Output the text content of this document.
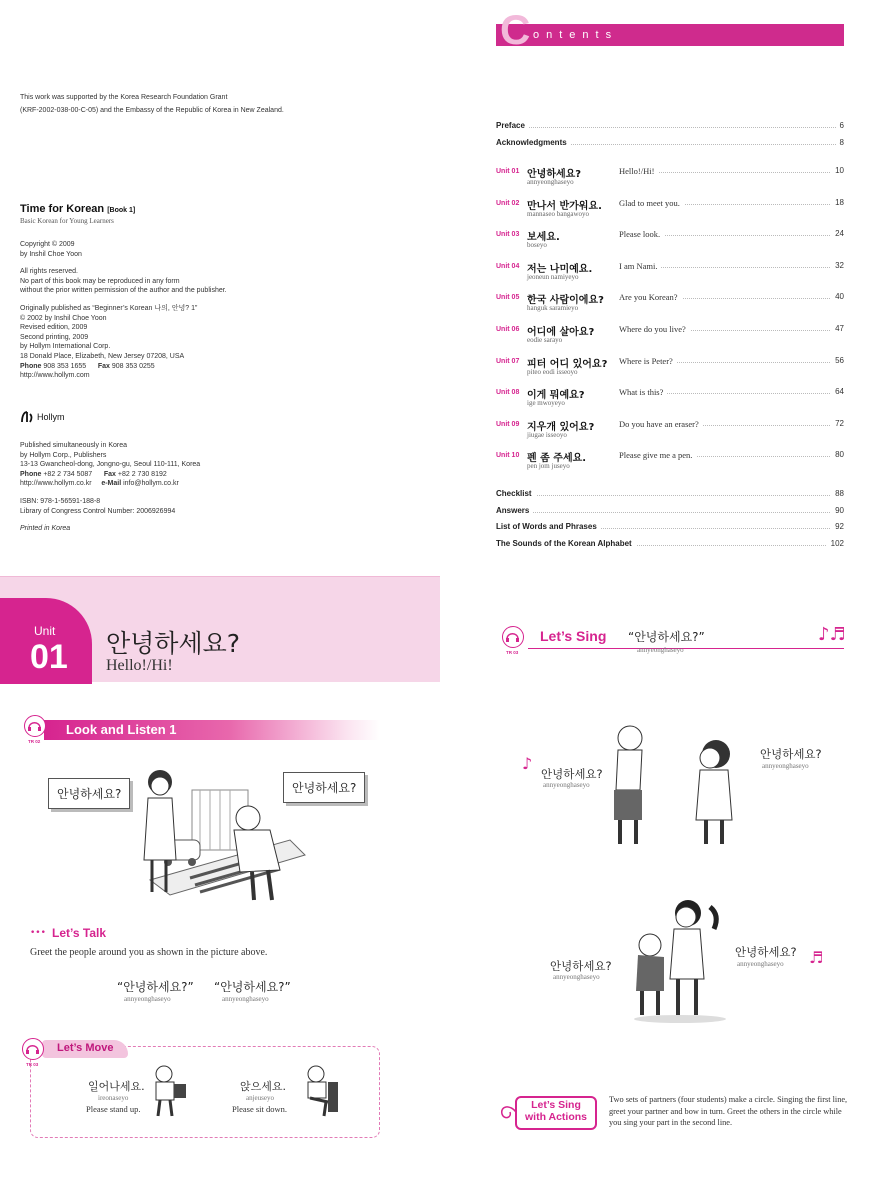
This work was supported by the Korea Research Foundation Grant
(KRF-2002-038-00-C-05) and the Embassy of the Republic of Korea in New Zealand.
Time for Korean [Book 1]
Basic Korean for Young Learners
Copyright © 2009
by Inshil Choe Yoon
All rights reserved.
No part of this book may be reproduced in any form
without the prior written permission of the author and the publisher.
Originally published as “Beginner’s Korean 나의, 안녕? 1”
© 2002 by Inshil Choe Yoon
Revised edition, 2009
Second printing, 2009
by Hollym International Corp.
18 Donald Place, Elizabeth, New Jersey 07208, USA
Phone 908 353 1655 Fax 908 353 0255
http://www.hollym.com
Hollym
Published simultaneously in Korea
by Hollym Corp., Publishers
13-13 Gwancheol-dong, Jongno-gu, Seoul 110-111, Korea
Phone +82 2 734 5087 Fax +82 2 730 8192
http://www.hollym.co.kr e-Mail info@hollym.co.kr
ISBN: 978-1-56591-188-8
Library of Congress Control Number: 2006926994
Printed in Korea
C ontents
Preface	6
Acknowledgments	8
Unit 01 안녕하세요?
annyeonghaseyo
Hello!/Hi!	10
Unit 02 만나서 반가워요.
mannaseo bangawoyo
Glad to meet you.	18
Unit 03 보세요.
boseyo
Please look.	24
Unit 04 저는 나미예요.
jeoneun namiyeyo
I am Nami.	32
Unit 05 한국 사람이에요?
hanguk saramieyo
Are you Korean?	40
Unit 06 어디에 살아요?
eodie sarayo
Where do you live?	47
Unit 07 피터 어디 있어요?
piteo eodi isseoyo
Where is Peter?	56
Unit 08 이게 뭐예요?
ige mwoyeyo
What is this?	64
Unit 09 지우개 있어요?
jiugae isseoyo
Do you have an eraser?	72
Unit 10 펜 좀 주세요.
pen jom juseyo
Please give me a pen.	80
Checklist	88
Answers	90
List of Words and Phrases	92
The Sounds of the Korean Alphabet	102
Unit
01 안녕하세요?
Hello!/Hi!
TR 02
Look and Listen 1
안녕하세요?	안녕하세요?
••• Let’s Talk
Greet the people around you as shown in the picture above.
“안녕하세요?”
annyeonghaseyo
“안녕하세요?”
annyeonghaseyo
TR 03
Let’s Move
일어나세요.
ireonaseyo
Please stand up.
앉으세요.
anjeuseyo
Please sit down.
TR 03
Let’s Sing “안녕하세요?”
annyeonghaseyo
♪♬
♪
안녕하세요?
annyeonghaseyo
안녕하세요?
annyeonghaseyo
안녕하세요?
annyeonghaseyo ♬
안녕하세요?
annyeonghaseyo
Let’s Sing
with Actions
Two sets of partners (four students) make a circle. Singing the first line, greet your partner and bow in turn. Greet the others in the circle while you sing your part in the second line.
